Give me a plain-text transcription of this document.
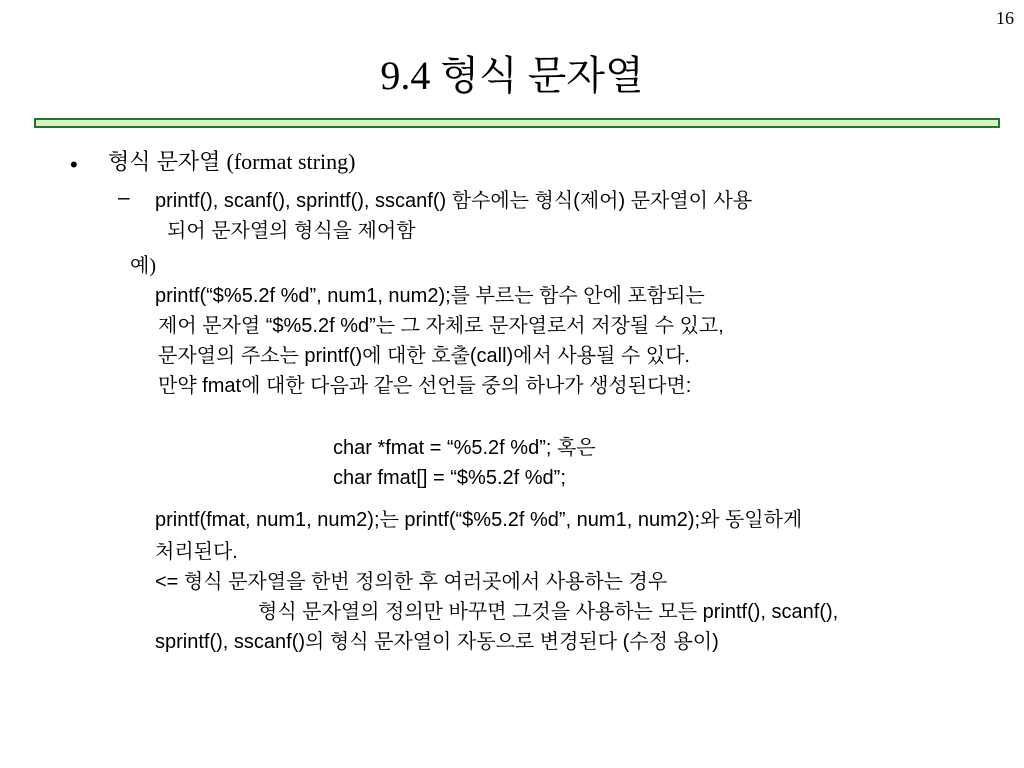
16
9.4 형식 문자열
• 형식 문자열 (format string)
– printf(), scanf(), sprintf(), sscanf() 함수에는 형식(제어) 문자열이 사용
되어 문자열의 형식을 제어함
예)
printf(“$%5.2f %d”, num1, num2);를 부르는 함수 안에 포함되는
제어 문자열 “$%5.2f %d”는 그 자체로 문자열로서 저장될 수 있고,
문자열의 주소는 printf()에 대한 호출(call)에서 사용될 수 있다.
만약 fmat에 대한 다음과 같은 선언들 중의 하나가 생성된다면:
char *fmat = “%5.2f %d”; 혹은
char fmat[] = “$%5.2f %d”;
printf(fmat, num1, num2);는 printf(“$%5.2f %d”, num1, num2);와 동일하게
처리된다.
<= 형식 문자열을 한번 정의한 후 여러곳에서 사용하는 경우
형식 문자열의 정의만 바꾸면 그것을 사용하는 모든 printf(), scanf(),
sprintf(), sscanf()의 형식 문자열이 자동으로 변경된다 (수정 용이)
